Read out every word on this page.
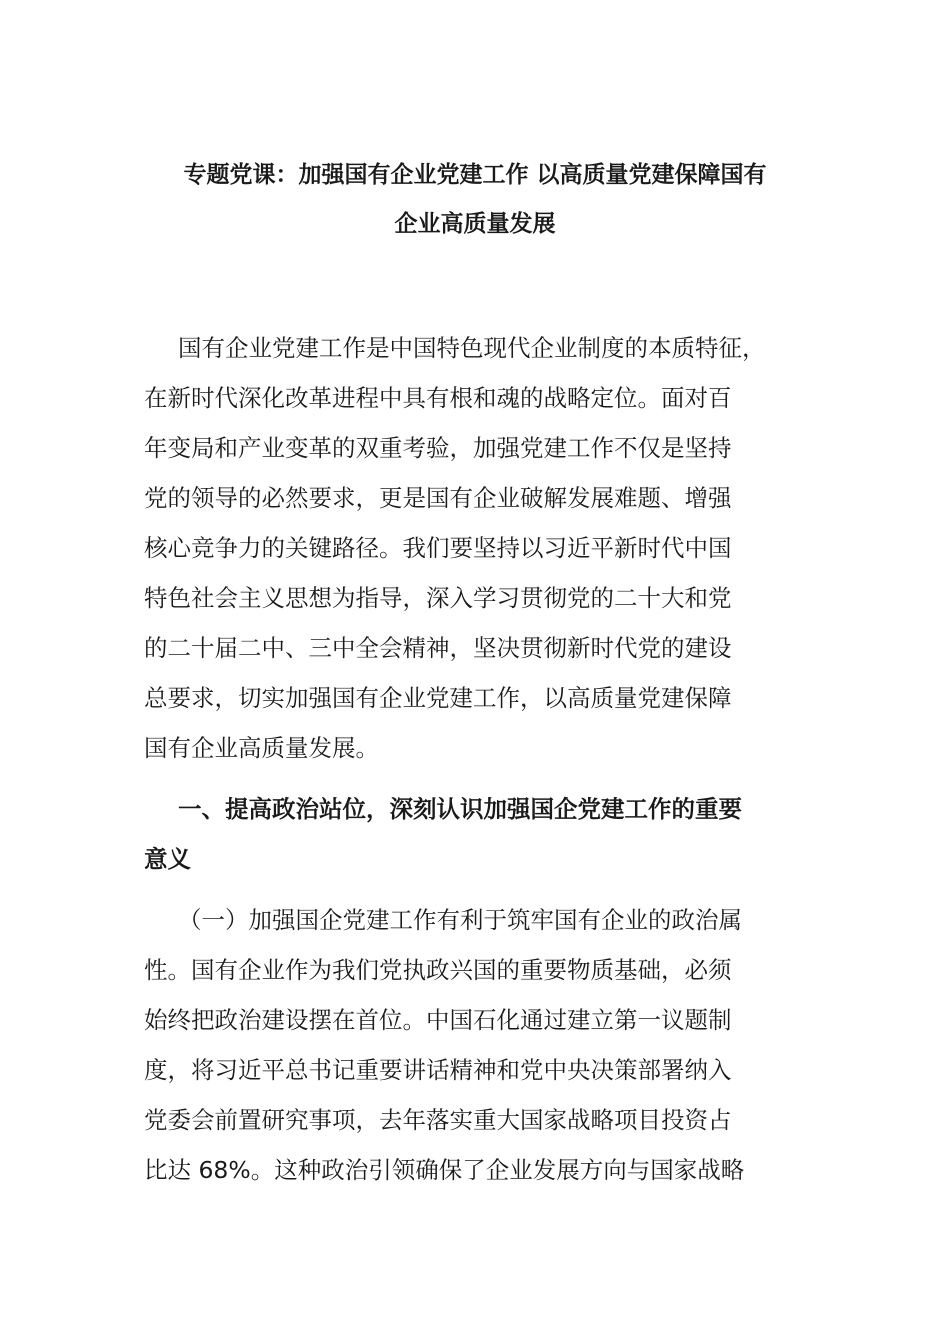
专题党课：加强国有企业党建工作 以高质量党建保障国有
企业高质量发展
国有企业党建工作是中国特色现代企业制度的本质特征，
在新时代深化改革进程中具有根和魂的战略定位。面对百
年变局和产业变革的双重考验，加强党建工作不仅是坚持
党的领导的必然要求，更是国有企业破解发展难题、增强
核心竞争力的关键路径。我们要坚持以习近平新时代中国
特色社会主义思想为指导，深入学习贯彻党的二十大和党
的二十届二中、三中全会精神，坚决贯彻新时代党的建设
总要求，切实加强国有企业党建工作，以高质量党建保障
国有企业高质量发展。
一、提高政治站位，深刻认识加强国企党建工作的重要
意义
（一）加强国企党建工作有利于筑牢国有企业的政治属
性。国有企业作为我们党执政兴国的重要物质基础，必须
始终把政治建设摆在首位。中国石化通过建立第一议题制
度，将习近平总书记重要讲话精神和党中央决策部署纳入
党委会前置研究事项，去年落实重大国家战略项目投资占
比达 68%。这种政治引领确保了企业发展方向与国家战略
